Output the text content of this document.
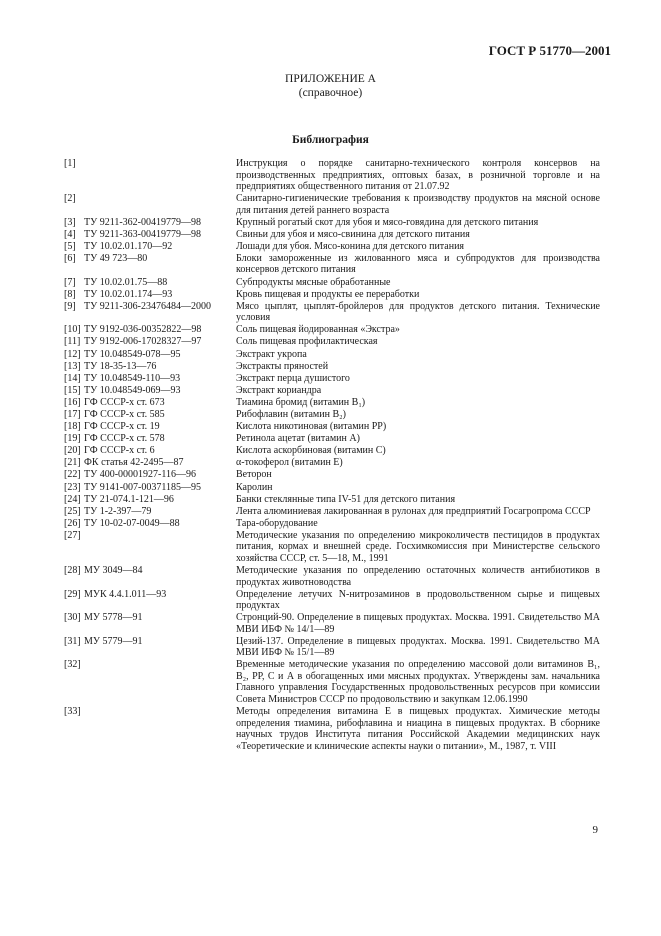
ГОСТ Р 51770—2001
ПРИЛОЖЕНИЕ А
(справочное)
Библиография
[1]	Инструкция о порядке санитарно-технического контроля консервов на производственных предприятиях, оптовых базах, в розничной торговле и на предприятиях общественного питания от 21.07.92
[2]	Санитарно-гигиенические требования к производству продуктов на мясной основе для питания детей раннего возраста
[3] ТУ 9211-362-00419779—98	Крупный рогатый скот для убоя и мясо-говядина для детского питания
[4] ТУ 9211-363-00419779—98	Свиньи для убоя и мясо-свинина для детского питания
[5] ТУ 10.02.01.170—92	Лошади для убоя. Мясо-конина для детского питания
[6] ТУ 49 723—80	Блоки замороженные из жилованного мяса и субпродуктов для производства консервов детского питания
[7] ТУ 10.02.01.75—88	Субпродукты мясные обработанные
[8] ТУ 10.02.01.174—93	Кровь пищевая и продукты ее переработки
[9] ТУ 9211-306-23476484—2000	Мясо цыплят, цыплят-бройлеров для продуктов детского питания. Технические условия
[10] ТУ 9192-036-00352822—98	Соль пищевая йодированная «Экстра»
[11] ТУ 9192-006-17028327—97	Соль пищевая профилактическая
[12] ТУ 10.048549-078—95	Экстракт укропа
[13] ТУ 18-35-13—76	Экстракты пряностей
[14] ТУ 10.048549-110—93	Экстракт перца душистого
[15] ТУ 10.048549-069—93	Экстракт кориандра
[16] ГФ СССР-х ст. 673	Тиамина бромид (витамин B₁)
[17] ГФ СССР-х ст. 585	Рибофлавин (витамин B₂)
[18] ГФ СССР-х ст. 19	Кислота никотиновая (витамин РР)
[19] ГФ СССР-х ст. 578	Ретинола ацетат (витамин А)
[20] ГФ СССР-х ст. 6	Кислота аскорбиновая (витамин С)
[21] ФК статья 42-2495—87	α-токоферол (витамин Е)
[22] ТУ 400-00001927-116—96	Веторон
[23] ТУ 9141-007-00371185—95	Каролин
[24] ТУ 21-074.1-121—96	Банки стеклянные типа IV-51 для детского питания
[25] ТУ 1-2-397—79	Лента алюминиевая лакированная в рулонах для предприятий Госагропрома СССР
[26] ТУ 10-02-07-0049—88	Тара-оборудование
[27]	Методические указания по определению микроколичеств пестицидов в продуктах питания, кормах и внешней среде. Госхимкомиссия при Министерстве сельского хозяйства СССР, ст. 5—18, М., 1991
[28] МУ 3049—84	Методические указания по определению остаточных количеств антибиотиков в продуктах животноводства
[29] МУК 4.4.1.011—93	Определение летучих N-нитрозаминов в продовольственном сырье и пищевых продуктах
[30] МУ 5778—91	Стронций-90. Определение в пищевых продуктах. Москва. 1991. Свидетельство МА МВИ ИБФ № 14/1—89
[31] МУ 5779—91	Цезий-137. Определение в пищевых продуктах. Москва. 1991. Свидетельство МА МВИ ИБФ № 15/1—89
[32]	Временные методические указания по определению массовой доли витаминов B₁, B₂, РР, С и А в обогащенных ими мясных продуктах. Утверждены зам. начальника Главного управления Государственных продовольственных ресурсов при комиссии Совета Министров СССР по продовольствию и закупкам 12.06.1990
[33]	Методы определения витамина Е в пищевых продуктах. Химические методы определения тиамина, рибофлавина и ниацина в пищевых продуктах. В сборнике научных трудов Института питания Российской Академии медицинских наук «Теоретические и клинические аспекты науки о питании», М., 1987, т. VIII
9
